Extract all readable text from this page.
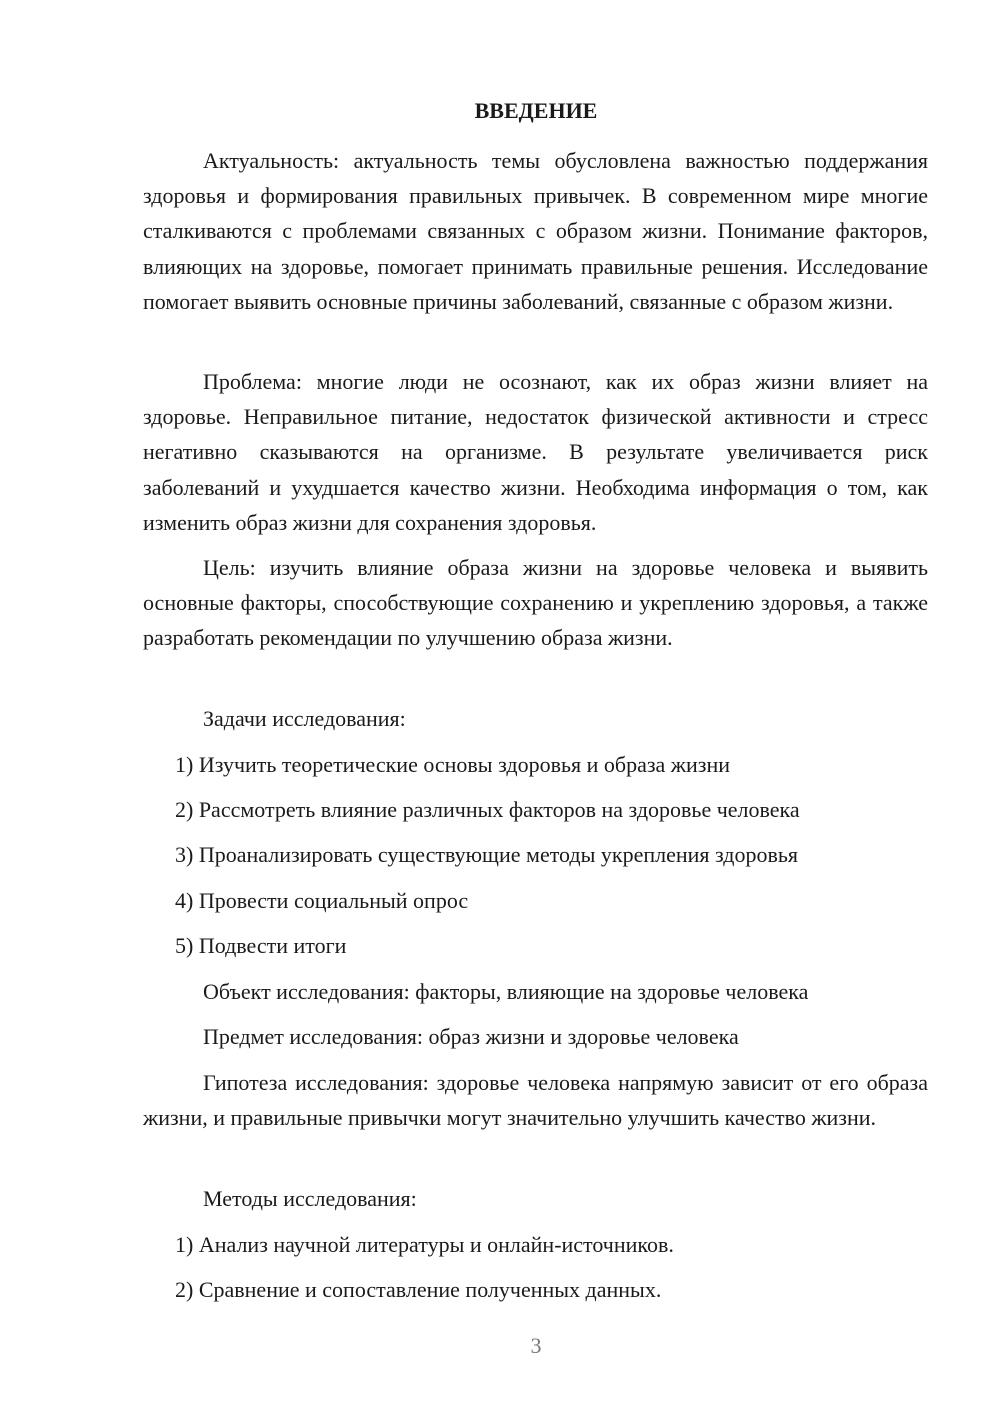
ВВЕДЕНИЕ

Актуальность: актуальность темы обусловлена важностью поддержания здоровья и формирования правильных привычек. В современном мире многие сталкиваются с проблемами связанных с образом жизни. Понимание факторов, влияющих на здоровье, помогает принимать правильные решения. Исследование помогает выявить основные причины заболеваний, связанные с образом жизни.

Проблема: многие люди не осознают, как их образ жизни влияет на здоровье. Неправильное питание, недостаток физической активности и стресс негативно сказываются на организме. В результате увеличивается риск заболеваний и ухудшается качество жизни. Необходима информация о том, как изменить образ жизни для сохранения здоровья.

Цель: изучить влияние образа жизни на здоровье человека и выявить основные факторы, способствующие сохранению и укреплению здоровья, а также разработать рекомендации по улучшению образа жизни.

Задачи исследования:

1) Изучить теоретические основы здоровья и образа жизни

2) Рассмотреть влияние различных факторов на здоровье человека

3) Проанализировать существующие методы укрепления здоровья

4) Провести социальный опрос

5) Подвести итоги

Объект исследования: факторы, влияющие на здоровье человека

Предмет исследования: образ жизни и здоровье человека

Гипотеза исследования: здоровье человека напрямую зависит от его образа жизни, и правильные привычки могут значительно улучшить качество жизни.

Методы исследования:

1) Анализ научной литературы и онлайн-источников.

2) Сравнение и сопоставление полученных данных.

3
